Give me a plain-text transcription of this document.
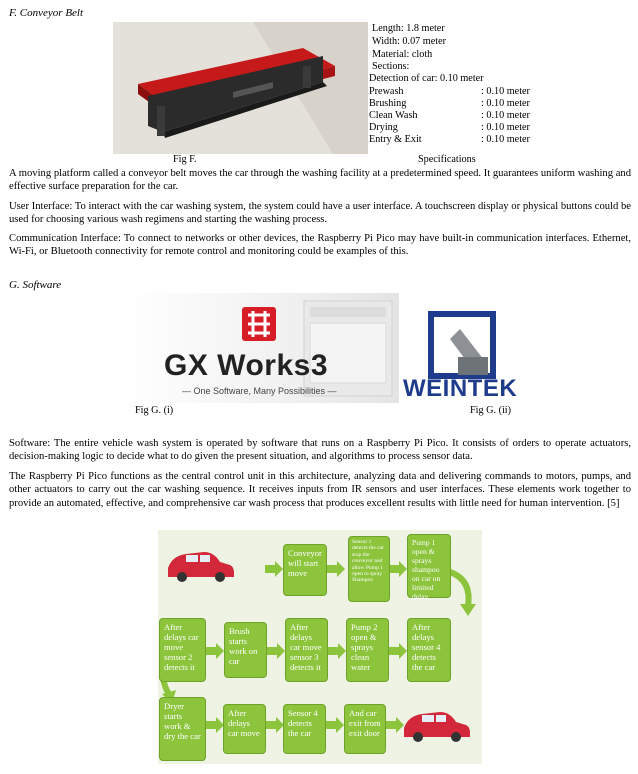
F. Conveyor Belt
Length: 1.8 meter
Width: 0.07 meter
Material: cloth
Sections:
Detection of car: 0.10 meter
Prewash	: 0.10 meter
Brushing	: 0.10 meter
Clean Wash	: 0.10 meter
Drying	: 0.10 meter
Entry & Exit	: 0.10 meter
Fig F.	Specifications
A moving platform called a conveyor belt moves the car through the washing facility at a predetermined speed. It guarantees uniform washing and effective surface preparation for the car.
User Interface: To interact with the car washing system, the system could have a user interface. A touchscreen display or physical buttons could be used for choosing various wash regimens and starting the washing process.
Communication Interface: To connect to networks or other devices, the Raspberry Pi Pico may have built-in communication interfaces. Ethernet, Wi-Fi, or Bluetooth connectivity for remote control and monitoring could be examples of this.
G. Software
GX Works3
— One Software, Many Possibilities —	WEINTEK
Fig G. (i)	Fig G. (ii)
Software: The entire vehicle wash system is operated by software that runs on a Raspberry Pi Pico. It consists of orders to operate actuators, decision-making logic to decide what to do given the present situation, and algorithms to process sensor data.
The Raspberry Pi Pico functions as the central control unit in this architecture, analyzing data and delivering commands to motors, pumps, and other actuators to carry out the car washing sequence. It receives inputs from IR sensors and user interfaces. These elements work together to provide an automated, effective, and comprehensive car wash process that produces excellent results with little need for human intervention. [5]
Conveyor will start move
Sensor 1 detects the car stop the conveyor and allow Pump 1 open to spray Shampoo
Pump 1 open & sprays shampoo on car on limited delay
After delays car move sensor 2 detects it
Brush starts work on car
After delays car move sensor 3 detects it
Pump 2 open & sprays clean water
After delays sensor 4 detects the car
Dryer starts work & dry the car
After delays car move
Sensor 4 detects the car
And car exit from exit door
